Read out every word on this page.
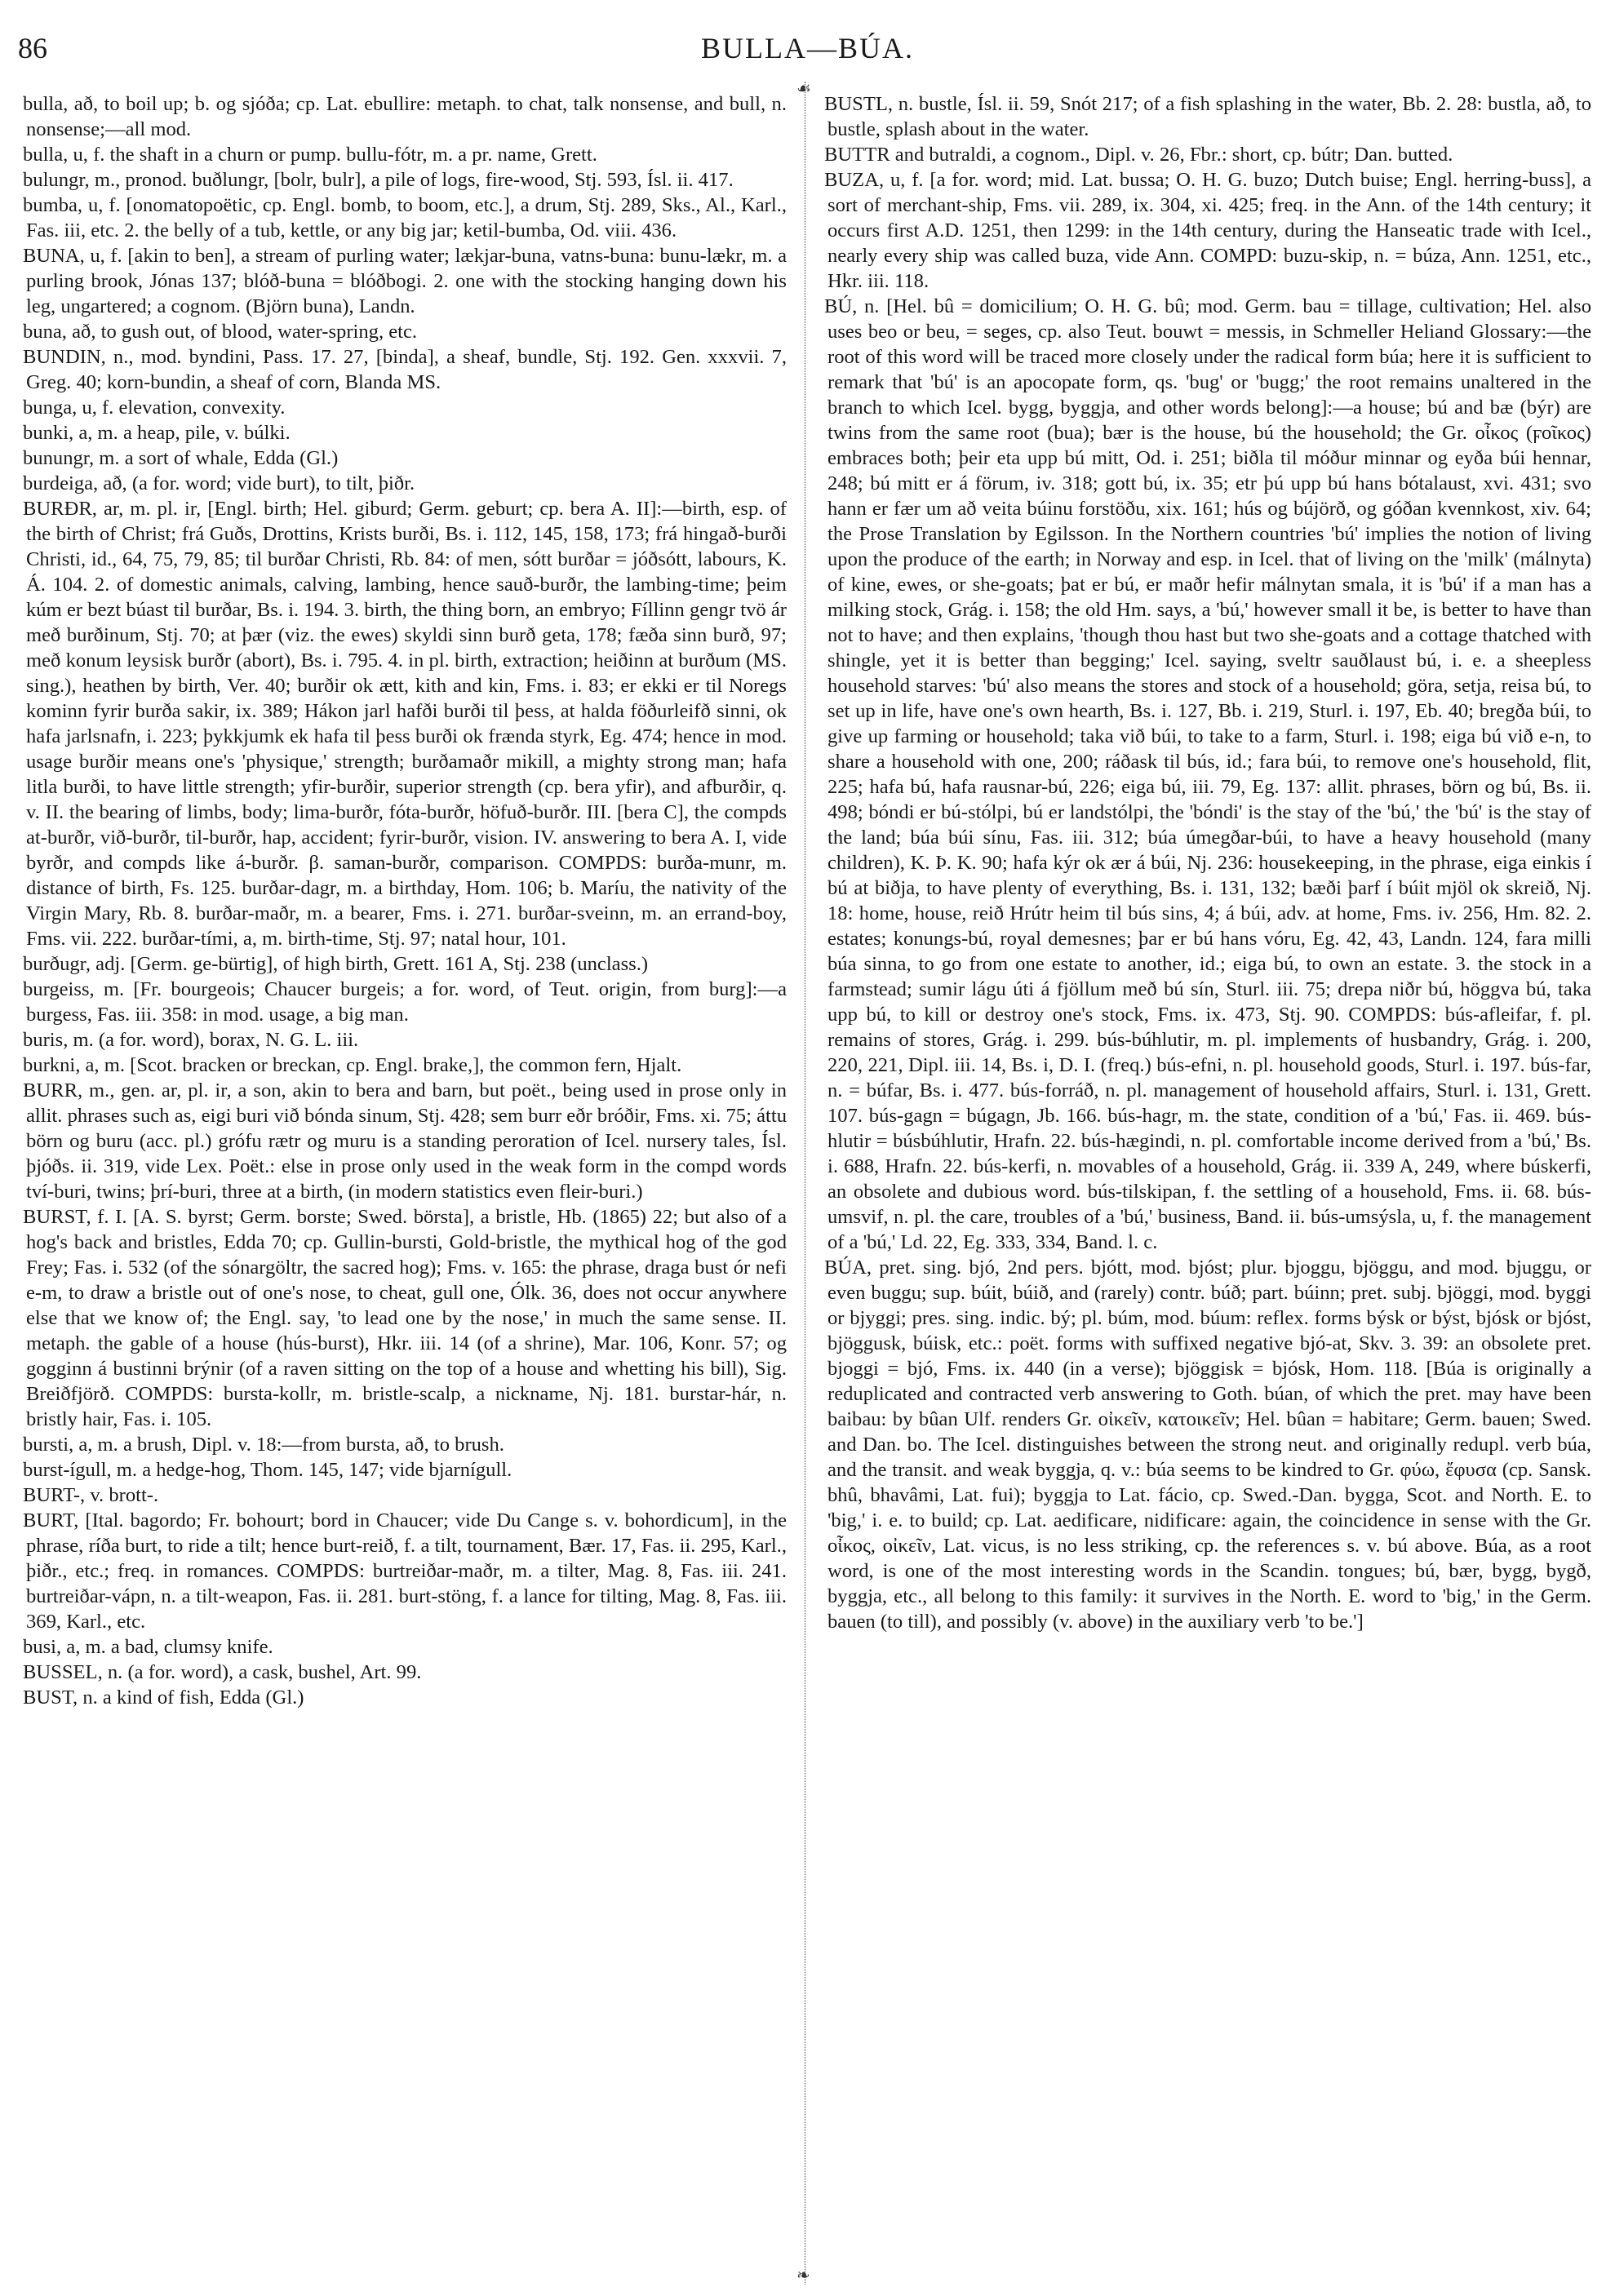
86	BULLA—BÚA.
☙
❧

bulla, að, to boil up; b. og sjóða; cp. Lat. ebullire: metaph. to chat, talk nonsense, and bull, n. nonsense;—all mod.

bulla, u, f. the shaft in a churn or pump. bullu-fótr, m. a pr. name, Grett.

bulungr, m., pronod. buðlungr, [bolr, bulr], a pile of logs, fire-wood, Stj. 593, Ísl. ii. 417.

bumba, u, f. [onomatopoëtic, cp. Engl. bomb, to boom, etc.], a drum, Stj. 289, Sks., Al., Karl., Fas. iii, etc. 2. the belly of a tub, kettle, or any big jar; ketil-bumba, Od. viii. 436.

BUNA, u, f. [akin to ben], a stream of purling water; lækjar-buna, vatns-buna: bunu-lækr, m. a purling brook, Jónas 137; blóð-buna = blóðbogi. 2. one with the stocking hanging down his leg, ungartered; a cognom. (Björn buna), Landn.

buna, að, to gush out, of blood, water-spring, etc.

BUNDIN, n., mod. byndini, Pass. 17. 27, [binda], a sheaf, bundle, Stj. 192. Gen. xxxvii. 7, Greg. 40; korn-bundin, a sheaf of corn, Blanda MS.

bunga, u, f. elevation, convexity.

bunki, a, m. a heap, pile, v. búlki.

bunungr, m. a sort of whale, Edda (Gl.)

burdeiga, að, (a for. word; vide burt), to tilt, þiðr.

BURÐR, ar, m. pl. ir, [Engl. birth; Hel. giburd; Germ. geburt; cp. bera A. II]:—birth, esp. of the birth of Christ; frá Guðs, Drottins, Krists burði, Bs. i. 112, 145, 158, 173; frá hingað-burði Christi, id., 64, 75, 79, 85; til burðar Christi, Rb. 84: of men, sótt burðar = jóðsótt, labours, K. Á. 104. 2. of domestic animals, calving, lambing, hence sauð-burðr, the lambing-time; þeim kúm er bezt búast til burðar, Bs. i. 194. 3. birth, the thing born, an embryo; Fíllinn gengr tvö ár með burðinum, Stj. 70; at þær (viz. the ewes) skyldi sinn burð geta, 178; fæða sinn burð, 97; með konum leysisk burðr (abort), Bs. i. 795. 4. in pl. birth, extraction; heiðinn at burðum (MS. sing.), heathen by birth, Ver. 40; burðir ok ætt, kith and kin, Fms. i. 83; er ekki er til Noregs kominn fyrir burða sakir, ix. 389; Hákon jarl hafði burði til þess, at halda föðurleifð sinni, ok hafa jarlsnafn, i. 223; þykkjumk ek hafa til þess burði ok frænda styrk, Eg. 474; hence in mod. usage burðir means one's 'physique,' strength; burðamaðr mikill, a mighty strong man; hafa litla burði, to have little strength; yfir-burðir, superior strength (cp. bera yfir), and afburðir, q. v. II. the bearing of limbs, body; lima-burðr, fóta-burðr, höfuð-burðr. III. [bera C], the compds at-burðr, við-burðr, til-burðr, hap, accident; fyrir-burðr, vision. IV. answering to bera A. I, vide byrðr, and compds like á-burðr. β. saman-burðr, comparison. COMPDS: burða-munr, m. distance of birth, Fs. 125. burðar-dagr, m. a birthday, Hom. 106; b. Maríu, the nativity of the Virgin Mary, Rb. 8. burðar-maðr, m. a bearer, Fms. i. 271. burðar-sveinn, m. an errand-boy, Fms. vii. 222. burðar-tími, a, m. birth-time, Stj. 97; natal hour, 101.

burðugr, adj. [Germ. ge-bürtig], of high birth, Grett. 161 A, Stj. 238 (unclass.)

burgeiss, m. [Fr. bourgeois; Chaucer burgeis; a for. word, of Teut. origin, from burg]:—a burgess, Fas. iii. 358: in mod. usage, a big man.

buris, m. (a for. word), borax, N. G. L. iii.

burkni, a, m. [Scot. bracken or breckan, cp. Engl. brake,], the common fern, Hjalt.

BURR, m., gen. ar, pl. ir, a son, akin to bera and barn, but poët., being used in prose only in allit. phrases such as, eigi buri við bónda sinum, Stj. 428; sem burr eðr bróðir, Fms. xi. 75; áttu börn og buru (acc. pl.) grófu rætr og muru is a standing peroration of Icel. nursery tales, Ísl. þjóðs. ii. 319, vide Lex. Poët.: else in prose only used in the weak form in the compd words tví-buri, twins; þrí-buri, three at a birth, (in modern statistics even fleir-buri.)

BURST, f. I. [A. S. byrst; Germ. borste; Swed. börsta], a bristle, Hb. (1865) 22; but also of a hog's back and bristles, Edda 70; cp. Gullin-bursti, Gold-bristle, the mythical hog of the god Frey; Fas. i. 532 (of the sónargöltr, the sacred hog); Fms. v. 165: the phrase, draga bust ór nefi e-m, to draw a bristle out of one's nose, to cheat, gull one, Ólk. 36, does not occur anywhere else that we know of; the Engl. say, 'to lead one by the nose,' in much the same sense. II. metaph. the gable of a house (hús-burst), Hkr. iii. 14 (of a shrine), Mar. 106, Konr. 57; og gogginn á bustinni brýnir (of a raven sitting on the top of a house and whetting his bill), Sig. Breiðfjörð. COMPDS: bursta-kollr, m. bristle-scalp, a nickname, Nj. 181. burstar-hár, n. bristly hair, Fas. i. 105.

bursti, a, m. a brush, Dipl. v. 18:—from bursta, að, to brush.

burst-ígull, m. a hedge-hog, Thom. 145, 147; vide bjarnígull.

BURT-, v. brott-.

BURT, [Ital. bagordo; Fr. bohourt; bord in Chaucer; vide Du Cange s. v. bohordicum], in the phrase, ríða burt, to ride a tilt; hence burt-reið, f. a tilt, tournament, Bær. 17, Fas. ii. 295, Karl., þiðr., etc.; freq. in romances. COMPDS: burtreiðar-maðr, m. a tilter, Mag. 8, Fas. iii. 241. burtreiðar-vápn, n. a tilt-weapon, Fas. ii. 281. burt-stöng, f. a lance for tilting, Mag. 8, Fas. iii. 369, Karl., etc.

busi, a, m. a bad, clumsy knife.

BUSSEL, n. (a for. word), a cask, bushel, Art. 99.

BUST, n. a kind of fish, Edda (Gl.)

BUSTL, n. bustle, Ísl. ii. 59, Snót 217; of a fish splashing in the water, Bb. 2. 28: bustla, að, to bustle, splash about in the water.

BUTTR and butraldi, a cognom., Dipl. v. 26, Fbr.: short, cp. bútr; Dan. butted.

BUZA, u, f. [a for. word; mid. Lat. bussa; O. H. G. buzo; Dutch buise; Engl. herring-buss], a sort of merchant-ship, Fms. vii. 289, ix. 304, xi. 425; freq. in the Ann. of the 14th century; it occurs first A.D. 1251, then 1299: in the 14th century, during the Hanseatic trade with Icel., nearly every ship was called buza, vide Ann. COMPD: buzu-skip, n. = búza, Ann. 1251, etc., Hkr. iii. 118.

BÚ, n. [Hel. bû = domicilium; O. H. G. bû; mod. Germ. bau = tillage, cultivation; Hel. also uses beo or beu, = seges, cp. also Teut. bouwt = messis, in Schmeller Heliand Glossary:—the root of this word will be traced more closely under the radical form búa; here it is sufficient to remark that 'bú' is an apocopate form, qs. 'bug' or 'bugg;' the root remains unaltered in the branch to which Icel. bygg, byggja, and other words belong]:—a house; bú and bæ (býr) are twins from the same root (bua); bær is the house, bú the household; the Gr. οἶκος (ϝοῖκος) embraces both; þeir eta upp bú mitt, Od. i. 251; biðla til móður minnar og eyða búi hennar, 248; bú mitt er á förum, iv. 318; gott bú, ix. 35; etr þú upp bú hans bótalaust, xvi. 431; svo hann er fær um að veita búinu forstöðu, xix. 161; hús og bújörð, og góðan kvennkost, xiv. 64; the Prose Translation by Egilsson. In the Northern countries 'bú' implies the notion of living upon the produce of the earth; in Norway and esp. in Icel. that of living on the 'milk' (málnyta) of kine, ewes, or she-goats; þat er bú, er maðr hefir málnytan smala, it is 'bú' if a man has a milking stock, Grág. i. 158; the old Hm. says, a 'bú,' however small it be, is better to have than not to have; and then explains, 'though thou hast but two she-goats and a cottage thatched with shingle, yet it is better than begging;' Icel. saying, sveltr sauðlaust bú, i. e. a sheepless household starves: 'bú' also means the stores and stock of a household; göra, setja, reisa bú, to set up in life, have one's own hearth, Bs. i. 127, Bb. i. 219, Sturl. i. 197, Eb. 40; bregða búi, to give up farming or household; taka við búi, to take to a farm, Sturl. i. 198; eiga bú við e-n, to share a household with one, 200; ráðask til bús, id.; fara búi, to remove one's household, flit, 225; hafa bú, hafa rausnar-bú, 226; eiga bú, iii. 79, Eg. 137: allit. phrases, börn og bú, Bs. ii. 498; bóndi er bú-stólpi, bú er landstólpi, the 'bóndi' is the stay of the 'bú,' the 'bú' is the stay of the land; búa búi sínu, Fas. iii. 312; búa úmegðar-búi, to have a heavy household (many children), K. Þ. K. 90; hafa kýr ok ær á búi, Nj. 236: housekeeping, in the phrase, eiga einkis í bú at biðja, to have plenty of everything, Bs. i. 131, 132; bæði þarf í búit mjöl ok skreið, Nj. 18: home, house, reið Hrútr heim til bús sins, 4; á búi, adv. at home, Fms. iv. 256, Hm. 82. 2. estates; konungs-bú, royal demesnes; þar er bú hans vóru, Eg. 42, 43, Landn. 124, fara milli búa sinna, to go from one estate to another, id.; eiga bú, to own an estate. 3. the stock in a farmstead; sumir lágu úti á fjöllum með bú sín, Sturl. iii. 75; drepa niðr bú, höggva bú, taka upp bú, to kill or destroy one's stock, Fms. ix. 473, Stj. 90. COMPDS: bús-afleifar, f. pl. remains of stores, Grág. i. 299. bús-búhlutir, m. pl. implements of husbandry, Grág. i. 200, 220, 221, Dipl. iii. 14, Bs. i, D. I. (freq.) bús-efni, n. pl. household goods, Sturl. i. 197. bús-far, n. = búfar, Bs. i. 477. bús-forráð, n. pl. management of household affairs, Sturl. i. 131, Grett. 107. bús-gagn = búgagn, Jb. 166. bús-hagr, m. the state, condition of a 'bú,' Fas. ii. 469. bús-hlutir = búsbúhlutir, Hrafn. 22. bús-hægindi, n. pl. comfortable income derived from a 'bú,' Bs. i. 688, Hrafn. 22. bús-kerfi, n. movables of a household, Grág. ii. 339 A, 249, where búskerfi, an obsolete and dubious word. bús-tilskipan, f. the settling of a household, Fms. ii. 68. bús-umsvif, n. pl. the care, troubles of a 'bú,' business, Band. ii. bús-umsýsla, u, f. the management of a 'bú,' Ld. 22, Eg. 333, 334, Band. l. c.

BÚA, pret. sing. bjó, 2nd pers. bjótt, mod. bjóst; plur. bjoggu, bjöggu, and mod. bjuggu, or even buggu; sup. búit, búið, and (rarely) contr. búð; part. búinn; pret. subj. bjöggi, mod. byggi or bjyggi; pres. sing. indic. bý; pl. búm, mod. búum: reflex. forms býsk or býst, bjósk or bjóst, bjöggusk, búisk, etc.: poët. forms with suffixed negative bjó-at, Skv. 3. 39: an obsolete pret. bjoggi = bjó, Fms. ix. 440 (in a verse); bjöggisk = bjósk, Hom. 118. [Búa is originally a reduplicated and contracted verb answering to Goth. búan, of which the pret. may have been baibau: by bûan Ulf. renders Gr. οἰκεῖν, κατοικεῖν; Hel. bûan = habitare; Germ. bauen; Swed. and Dan. bo. The Icel. distinguishes between the strong neut. and originally redupl. verb búa, and the transit. and weak byggja, q. v.: búa seems to be kindred to Gr. φύω, ἔφυσα (cp. Sansk. bhû, bhavâmi, Lat. fui); byggja to Lat. fácio, cp. Swed.-Dan. bygga, Scot. and North. E. to 'big,' i. e. to build; cp. Lat. aedificare, nidificare: again, the coincidence in sense with the Gr. οἶκος, οἰκεῖν, Lat. vicus, is no less striking, cp. the references s. v. bú above. Búa, as a root word, is one of the most interesting words in the Scandin. tongues; bú, bær, bygg, bygð, byggja, etc., all belong to this family: it survives in the North. E. word to 'big,' in the Germ. bauen (to till), and possibly (v. above) in the auxiliary verb 'to be.']
